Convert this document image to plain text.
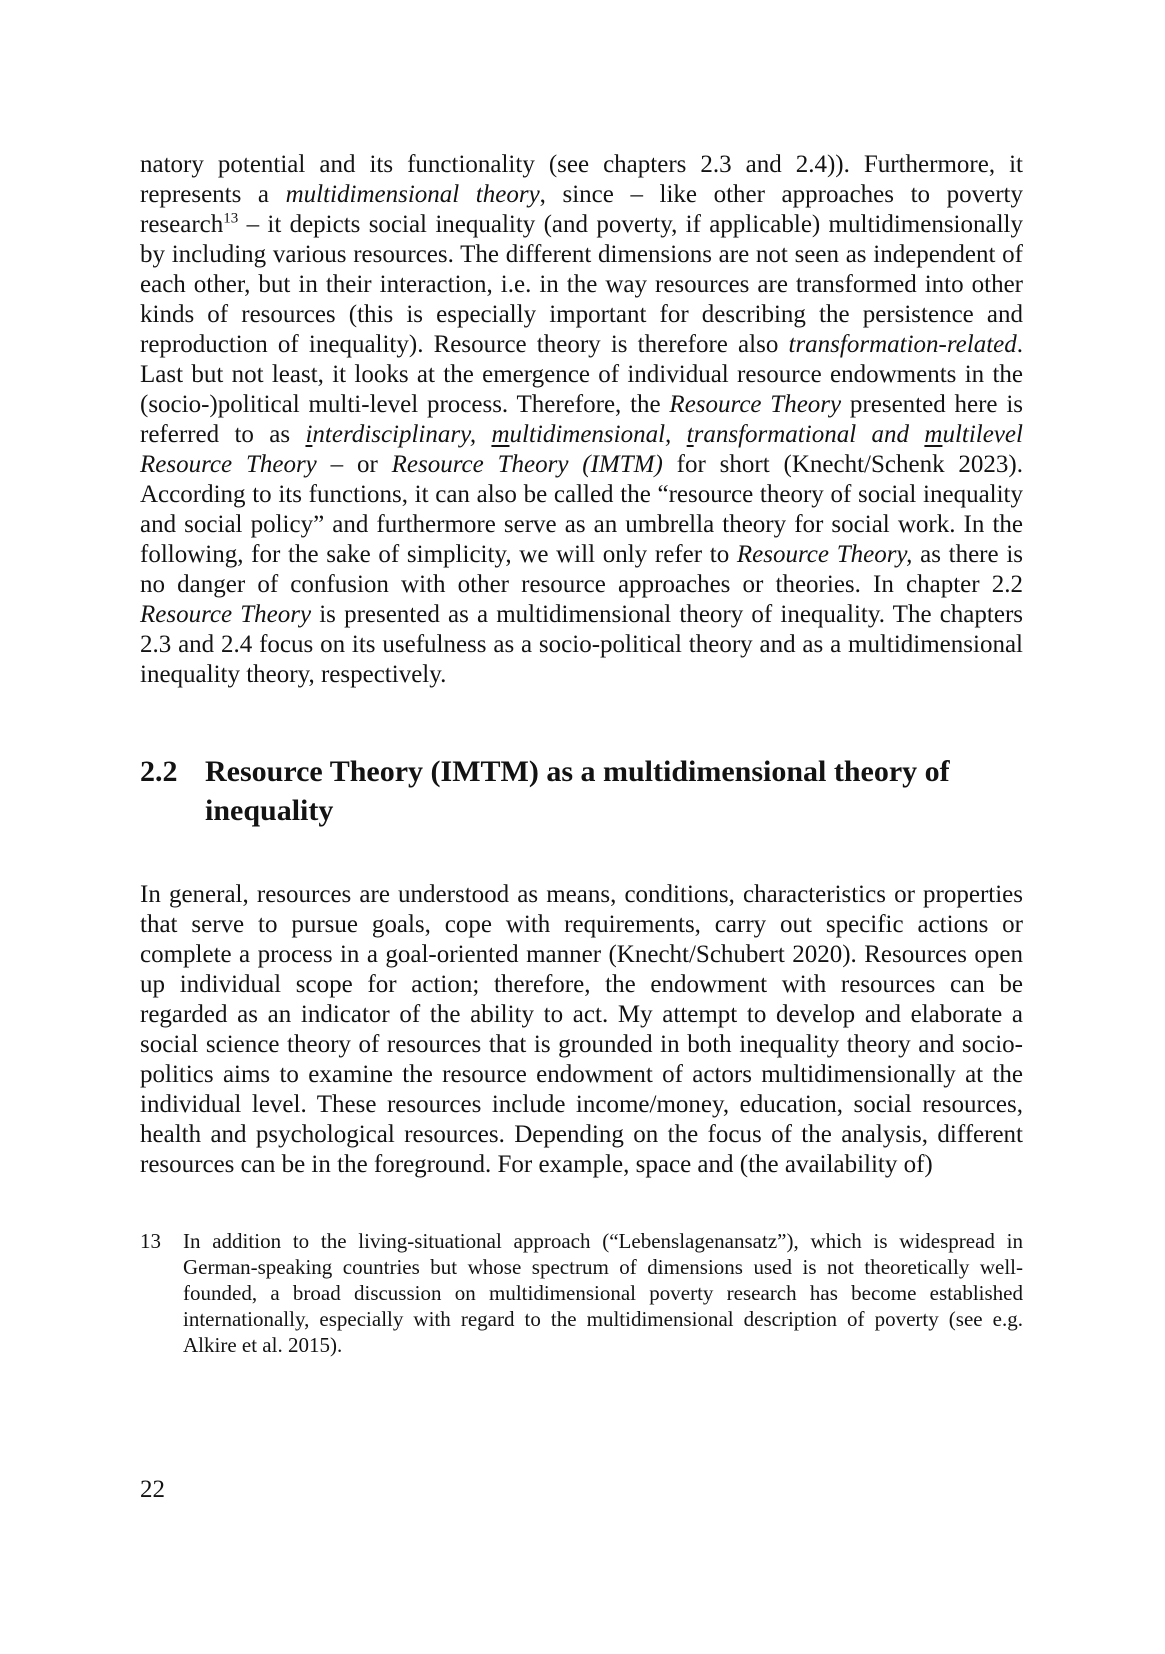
natory potential and its functionality (see chapters 2.3 and 2.4)). Furthermore, it represents a multidimensional theory, since – like other approaches to poverty research$^{13}$ – it depicts social inequality (and poverty, if applicable) multidimensionally by including various resources. The different dimensions are not seen as independent of each other, but in their interaction, i.e. in the way resources are transformed into other kinds of resources (this is especially important for describing the persistence and reproduction of inequality). Resource theory is therefore also transformation-related. Last but not least, it looks at the emergence of individual resource endowments in the (socio-)political multi-level process. Therefore, the Resource Theory presented here is referred to as interdisciplinary, multidimensional, transformational and multilevel Resource Theory – or Resource Theory (IMTM) for short (Knecht/Schenk 2023). According to its functions, it can also be called the “resource theory of social inequality and social policy” and furthermore serve as an umbrella theory for social work. In the following, for the sake of simplicity, we will only refer to Resource Theory, as there is no danger of confusion with other resource approaches or theories. In chapter 2.2 Resource Theory is presented as a multidimensional theory of inequality. The chapters 2.3 and 2.4 focus on its usefulness as a socio-political theory and as a multidimensional inequality theory, respectively.

2.2 Resource Theory (IMTM) as a multidimensional theory of inequality

In general, resources are understood as means, conditions, characteristics or properties that serve to pursue goals, cope with requirements, carry out specific actions or complete a process in a goal-oriented manner (Knecht/Schubert 2020). Resources open up individual scope for action; therefore, the endowment with resources can be regarded as an indicator of the ability to act. My attempt to develop and elaborate a social science theory of resources that is grounded in both inequality theory and socio-politics aims to examine the resource endowment of actors multidimensionally at the individual level. These resources include income/money, education, social resources, health and psychological resources. Depending on the focus of the analysis, different resources can be in the foreground. For example, space and (the availability of)

13	In addition to the living-situational approach (“Lebenslagenansatz”), which is widespread in German-speaking countries but whose spectrum of dimensions used is not theoretically well-founded, a broad discussion on multidimensional poverty research has become established internationally, especially with regard to the multidimensional description of poverty (see e.g. Alkire et al. 2015).
22
